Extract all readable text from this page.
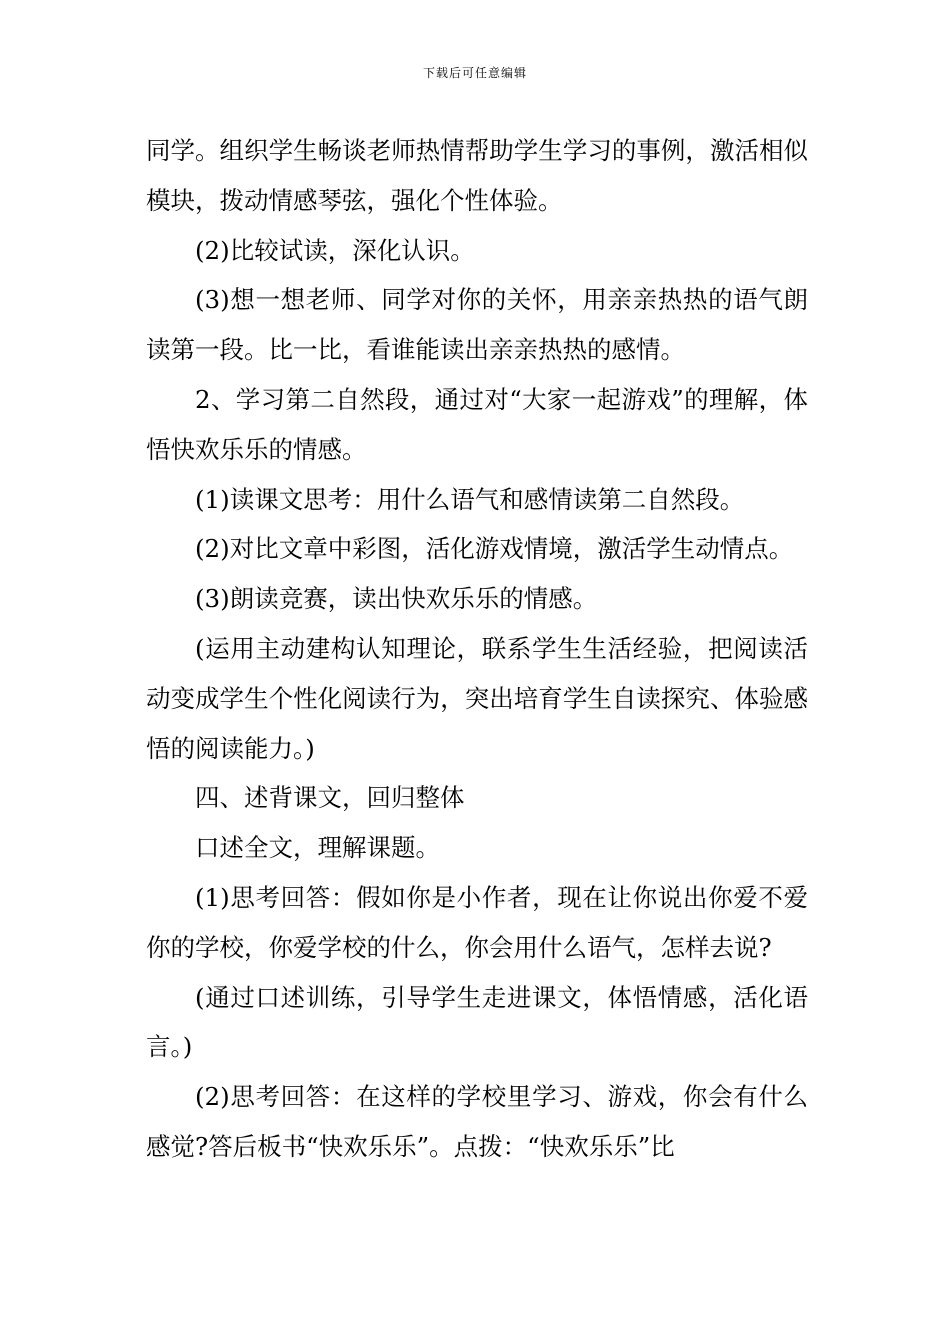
下载后可任意编辑

同学。组织学生畅谈老师热情帮助学生学习的事例，激活相似模块，拨动情感琴弦，强化个性体验。

(2)比较试读，深化认识。

(3)想一想老师、同学对你的关怀，用亲亲热热的语气朗读第一段。比一比，看谁能读出亲亲热热的感情。

2、学习第二自然段，通过对“大家一起游戏”的理解，体悟快欢乐乐的情感。

(1)读课文思考：用什么语气和感情读第二自然段。

(2)对比文章中彩图，活化游戏情境，激活学生动情点。

(3)朗读竞赛，读出快欢乐乐的情感。

(运用主动建构认知理论，联系学生生活经验，把阅读活动变成学生个性化阅读行为，突出培育学生自读探究、体验感悟的阅读能力。)

四、述背课文，回归整体

口述全文，理解课题。

(1)思考回答：假如你是小作者，现在让你说出你爱不爱你的学校，你爱学校的什么，你会用什么语气，怎样去说?

(通过口述训练，引导学生走进课文，体悟情感，活化语言。)

(2)思考回答：在这样的学校里学习、游戏，你会有什么感觉?答后板书“快欢乐乐”。点拨：“快欢乐乐”比
